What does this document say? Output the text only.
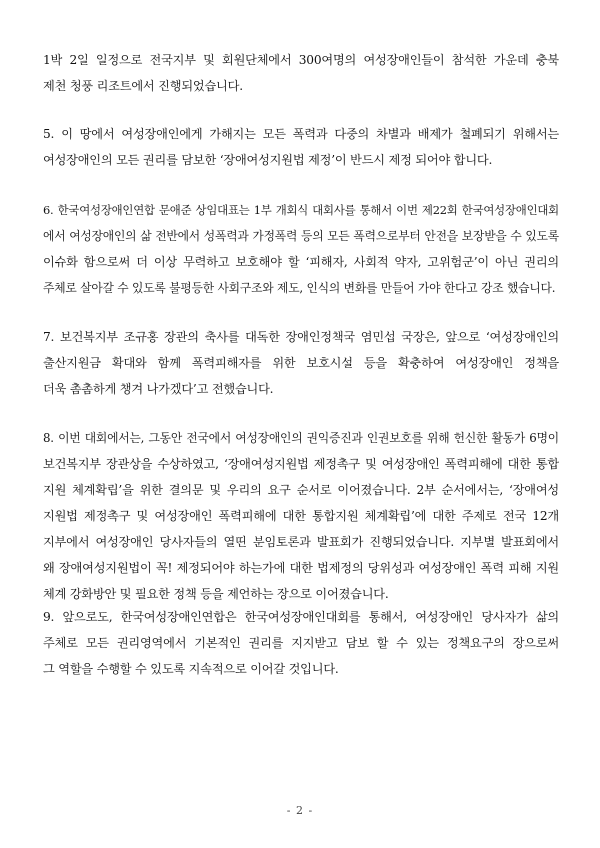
1박 2일 일정으로 전국지부 및 회원단체에서 300여명의 여성장애인들이 참석한 가운데 충북
제천 청풍 리조트에서 진행되었습니다.

5. 이 땅에서 여성장애인에게 가해지는 모든 폭력과 다중의 차별과 배제가 철폐되기 위해서는
여성장애인의 모든 권리를 담보한 ‘장애여성지원법 제정’이 반드시 제정 되어야 합니다.

6. 한국여성장애인연합 문애준 상임대표는 1부 개회식 대회사를 통해서 이번 제22회 한국여성장애인대회
에서 여성장애인의 삶 전반에서 성폭력과 가정폭력 등의 모든 폭력으로부터 안전을 보장받을 수 있도록
이슈화 함으로써 더 이상 무력하고 보호해야 할 ‘피해자, 사회적 약자, 고위험군’이 아닌 권리의
주체로 살아갈 수 있도록 불평등한 사회구조와 제도, 인식의 변화를 만들어 가야 한다고 강조 했습니다.

7. 보건복지부 조규홍 장관의 축사를 대독한 장애인정책국 염민섭 국장은, 앞으로 ‘여성장애인의
출산지원금 확대와 함께 폭력피해자를 위한 보호시설 등을 확충하여 여성장애인 정책을
더욱 촘촘하게 챙겨 나가겠다’고 전했습니다.

8. 이번 대회에서는, 그동안 전국에서 여성장애인의 권익증진과 인권보호를 위해 헌신한 활동가 6명이
보건복지부 장관상을 수상하였고, ‘장애여성지원법 제정촉구 및 여성장애인 폭력피해에 대한 통합
지원 체계확립’을 위한 결의문 및 우리의 요구 순서로 이어졌습니다. 2부 순서에서는, ‘장애여성
지원법 제정촉구 및 여성장애인 폭력피해에 대한 통합지원 체계확립’에 대한 주제로 전국 12개
지부에서 여성장애인 당사자들의 열띤 분임토론과 발표회가 진행되었습니다. 지부별 발표회에서
왜 장애여성지원법이 꼭! 제정되어야 하는가에 대한 법제정의 당위성과 여성장애인 폭력 피해 지원
체계 강화방안 및 필요한 정책 등을 제언하는 장으로 이어졌습니다.

9. 앞으로도, 한국여성장애인연합은 한국여성장애인대회를 통해서, 여성장애인 당사자가 삶의
주체로 모든 권리영역에서 기본적인 권리를 지지받고 담보 할 수 있는 정책요구의 장으로써
그 역할을 수행할 수 있도록 지속적으로 이어갈 것입니다.

- 2 -
